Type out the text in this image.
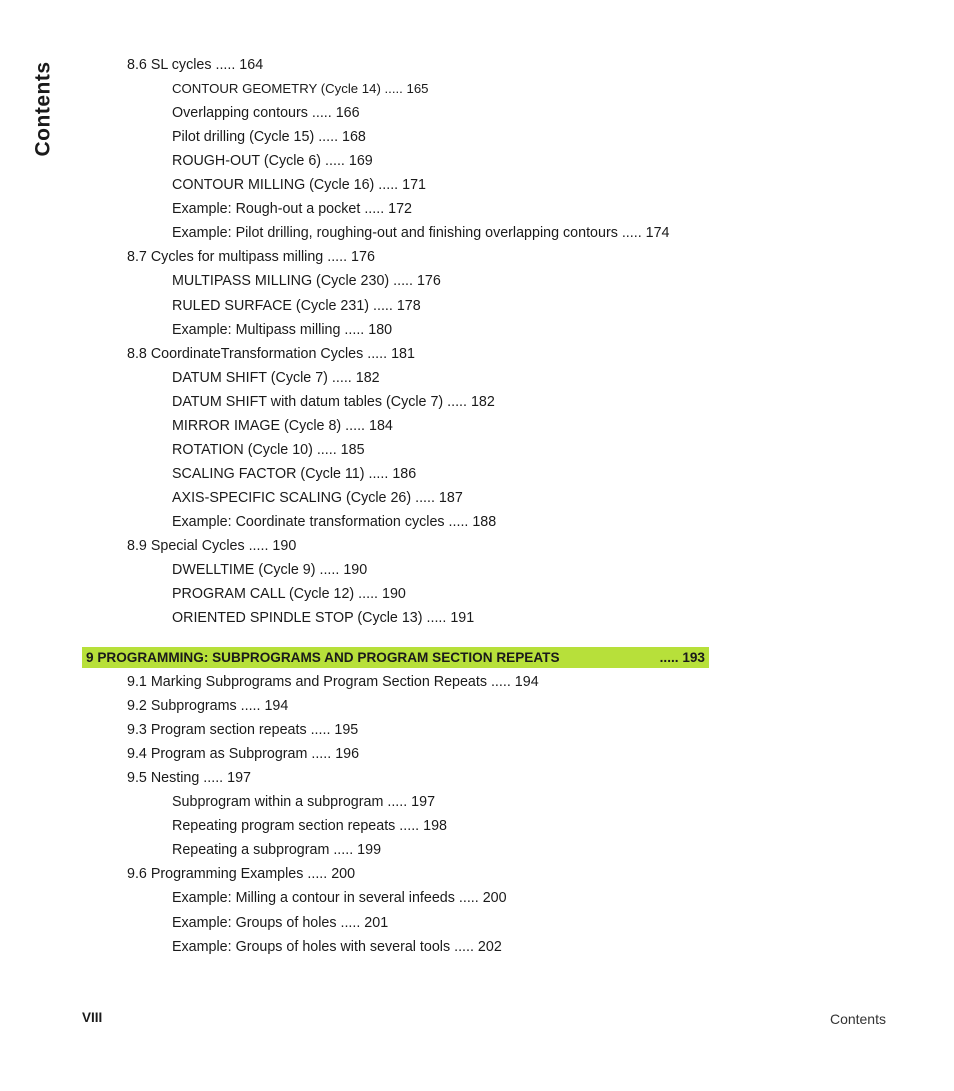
Contents	8.6 SL cycles ..... 164
CONTOUR GEOMETRY (Cycle 14) ..... 165
Overlapping contours ..... 166
Pilot drilling (Cycle 15) ..... 168
ROUGH-OUT (Cycle 6) ..... 169
CONTOUR MILLING (Cycle 16) ..... 171
Example: Rough-out a pocket ..... 172
Example: Pilot drilling, roughing-out and finishing overlapping contours ..... 174
8.7 Cycles for multipass milling ..... 176
MULTIPASS MILLING (Cycle 230) ..... 176
RULED SURFACE (Cycle 231) ..... 178
Example: Multipass milling ..... 180
8.8 CoordinateTransformation Cycles ..... 181
DATUM SHIFT (Cycle 7) ..... 182
DATUM SHIFT with datum tables (Cycle 7) ..... 182
MIRROR IMAGE (Cycle 8) ..... 184
ROTATION (Cycle 10) ..... 185
SCALING FACTOR (Cycle 11) ..... 186
AXIS-SPECIFIC SCALING (Cycle 26) ..... 187
Example: Coordinate transformation cycles ..... 188
8.9 Special Cycles ..... 190
DWELLTIME (Cycle 9) ..... 190
PROGRAM CALL (Cycle 12) ..... 190
ORIENTED SPINDLE STOP (Cycle 13) ..... 191
9 PROGRAMMING: SUBPROGRAMS AND PROGRAM SECTION REPEATS	..... 193
9.1 Marking Subprograms and Program Section Repeats ..... 194
9.2 Subprograms ..... 194
9.3 Program section repeats ..... 195
9.4 Program as Subprogram ..... 196
9.5 Nesting ..... 197
Subprogram within a subprogram ..... 197
Repeating program section repeats ..... 198
Repeating a subprogram ..... 199
9.6 Programming Examples ..... 200
Example: Milling a contour in several infeeds ..... 200
Example: Groups of holes ..... 201
Example: Groups of holes with several tools ..... 202
VIII	Contents
